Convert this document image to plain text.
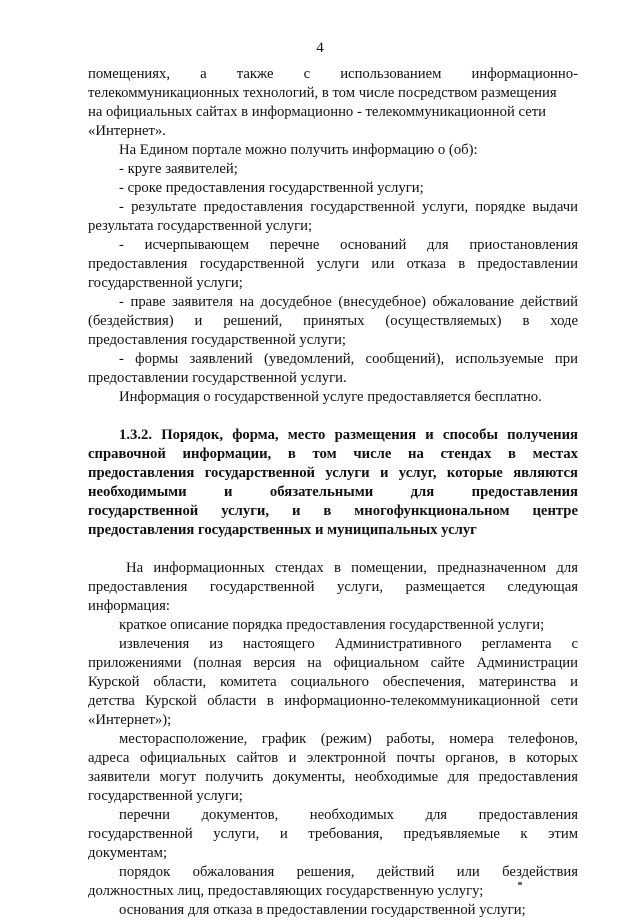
4
помещениях, а также с использованием информационно-
телекоммуникационных технологий, в том числе посредством размещения
на официальных сайтах в информационно - телекоммуникационной сети
«Интернет».
На Едином портале можно получить информацию о (об):
- круге заявителей;
- сроке предоставления государственной услуги;
- результате предоставления государственной услуги, порядке выдачи
результата государственной услуги;
- исчерпывающем перечне оснований для приостановления
предоставления государственной услуги или отказа в предоставлении
государственной услуги;
- праве заявителя на досудебное (внесудебное) обжалование действий
(бездействия) и решений, принятых (осуществляемых) в ходе
предоставления государственной услуги;
- формы заявлений (уведомлений, сообщений), используемые при
предоставлении государственной услуги.
Информация о государственной услуге предоставляется бесплатно.
1.3.2. Порядок, форма, место размещения и способы получения
справочной информации, в том числе на стендах в местах
предоставления государственной услуги и услуг, которые являются
необходимыми и обязательными для предоставления
государственной услуги, и в многофункциональном центре
предоставления государственных и муниципальных услуг
На информационных стендах в помещении, предназначенном для
предоставления государственной услуги, размещается следующая
информация:
краткое описание порядка предоставления государственной услуги;
извлечения из настоящего Административного регламента с
приложениями (полная версия на официальном сайте Администрации
Курской области, комитета социального обеспечения, материнства и
детства Курской области в информационно-телекоммуникационной сети
«Интернет»);
месторасположение, график (режим) работы, номера телефонов,
адреса официальных сайтов и электронной почты органов, в которых
заявители могут получить документы, необходимые для предоставления
государственной услуги;
перечни документов, необходимых для предоставления
государственной услуги, и требования, предъявляемые к этим
документам;
порядок обжалования решения, действий или бездействия
должностных лиц, предоставляющих государственную услугу;
основания для отказа в предоставлении государственной услуги;
